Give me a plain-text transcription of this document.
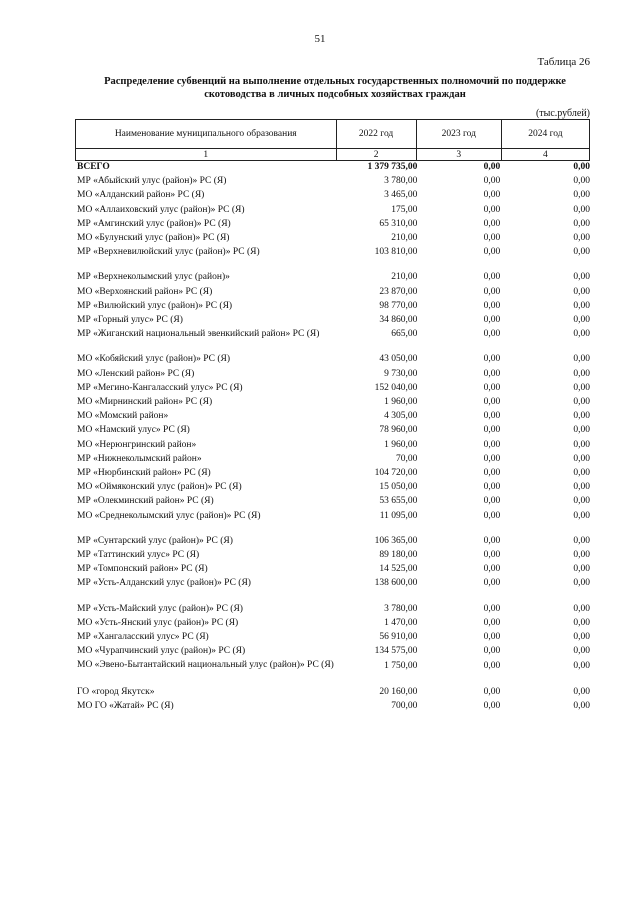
51
Таблица 26
Распределение субвенций на выполнение отдельных государственных полномочий по поддержке скотоводства в личных подсобных хозяйствах граждан
(тыс.рублей)
Наименование муниципального образования	2022 год	2023 год	2024 год
1	2	3	4
ВСЕГО	1 379 735,00	0,00	0,00
МР «Абыйский улус (район)» РС (Я)	3 780,00	0,00	0,00
МО «Алданский район» РС (Я)	3 465,00	0,00	0,00
МО «Аллаиховский улус (район)» РС (Я)	175,00	0,00	0,00
МР «Амгинский улус (район)» РС (Я)	65 310,00	0,00	0,00
МО «Булунский улус (район)» РС (Я)	210,00	0,00	0,00
МР «Верхневилюйский улус (район)» РС (Я)	103 810,00	0,00	0,00

МР «Верхнеколымский улус (район)»	210,00	0,00	0,00
МО «Верхоянский район» РС (Я)	23 870,00	0,00	0,00
МР «Вилюйский улус (район)» РС (Я)	98 770,00	0,00	0,00
МР «Горный улус» РС (Я)	34 860,00	0,00	0,00
МР «Жиганский национальный эвенкийский район» РС (Я)	665,00	0,00	0,00

МО «Кобяйский улус (район)» РС (Я)	43 050,00	0,00	0,00
МО «Ленский район» РС (Я)	9 730,00	0,00	0,00
МР «Мегино-Кангаласский улус» РС (Я)	152 040,00	0,00	0,00
МО «Мирнинский район» РС (Я)	1 960,00	0,00	0,00
МО «Момский район»	4 305,00	0,00	0,00
МО «Намский улус» РС (Я)	78 960,00	0,00	0,00
МО «Нерюнгринский район»	1 960,00	0,00	0,00
МР «Нижнеколымский район»	70,00	0,00	0,00
МР «Нюрбинский район» РС (Я)	104 720,00	0,00	0,00
МО «Оймяконский улус (район)» РС (Я)	15 050,00	0,00	0,00
МР «Олекминский район» РС (Я)	53 655,00	0,00	0,00
МО «Среднеколымский улус (район)» РС (Я)	11 095,00	0,00	0,00

МР «Сунтарский улус (район)» РС (Я)	106 365,00	0,00	0,00
МР «Таттинский улус» РС (Я)	89 180,00	0,00	0,00
МР «Томпонский район» РС (Я)	14 525,00	0,00	0,00
МР «Усть-Алданский улус (район)» РС (Я)	138 600,00	0,00	0,00

МР «Усть-Майский улус (район)» РС (Я)	3 780,00	0,00	0,00
МО «Усть-Янский улус (район)» РС (Я)	1 470,00	0,00	0,00
МР «Хангаласский улус» РС (Я)	56 910,00	0,00	0,00
МО «Чурапчинский улус (район)» РС (Я)	134 575,00	0,00	0,00
МО «Эвено-Бытантайский национальный улус (район)» РС (Я)	1 750,00	0,00	0,00
ГО «город Якутск»	20 160,00	0,00	0,00
МО ГО «Жатай» РС (Я)	700,00	0,00	0,00
